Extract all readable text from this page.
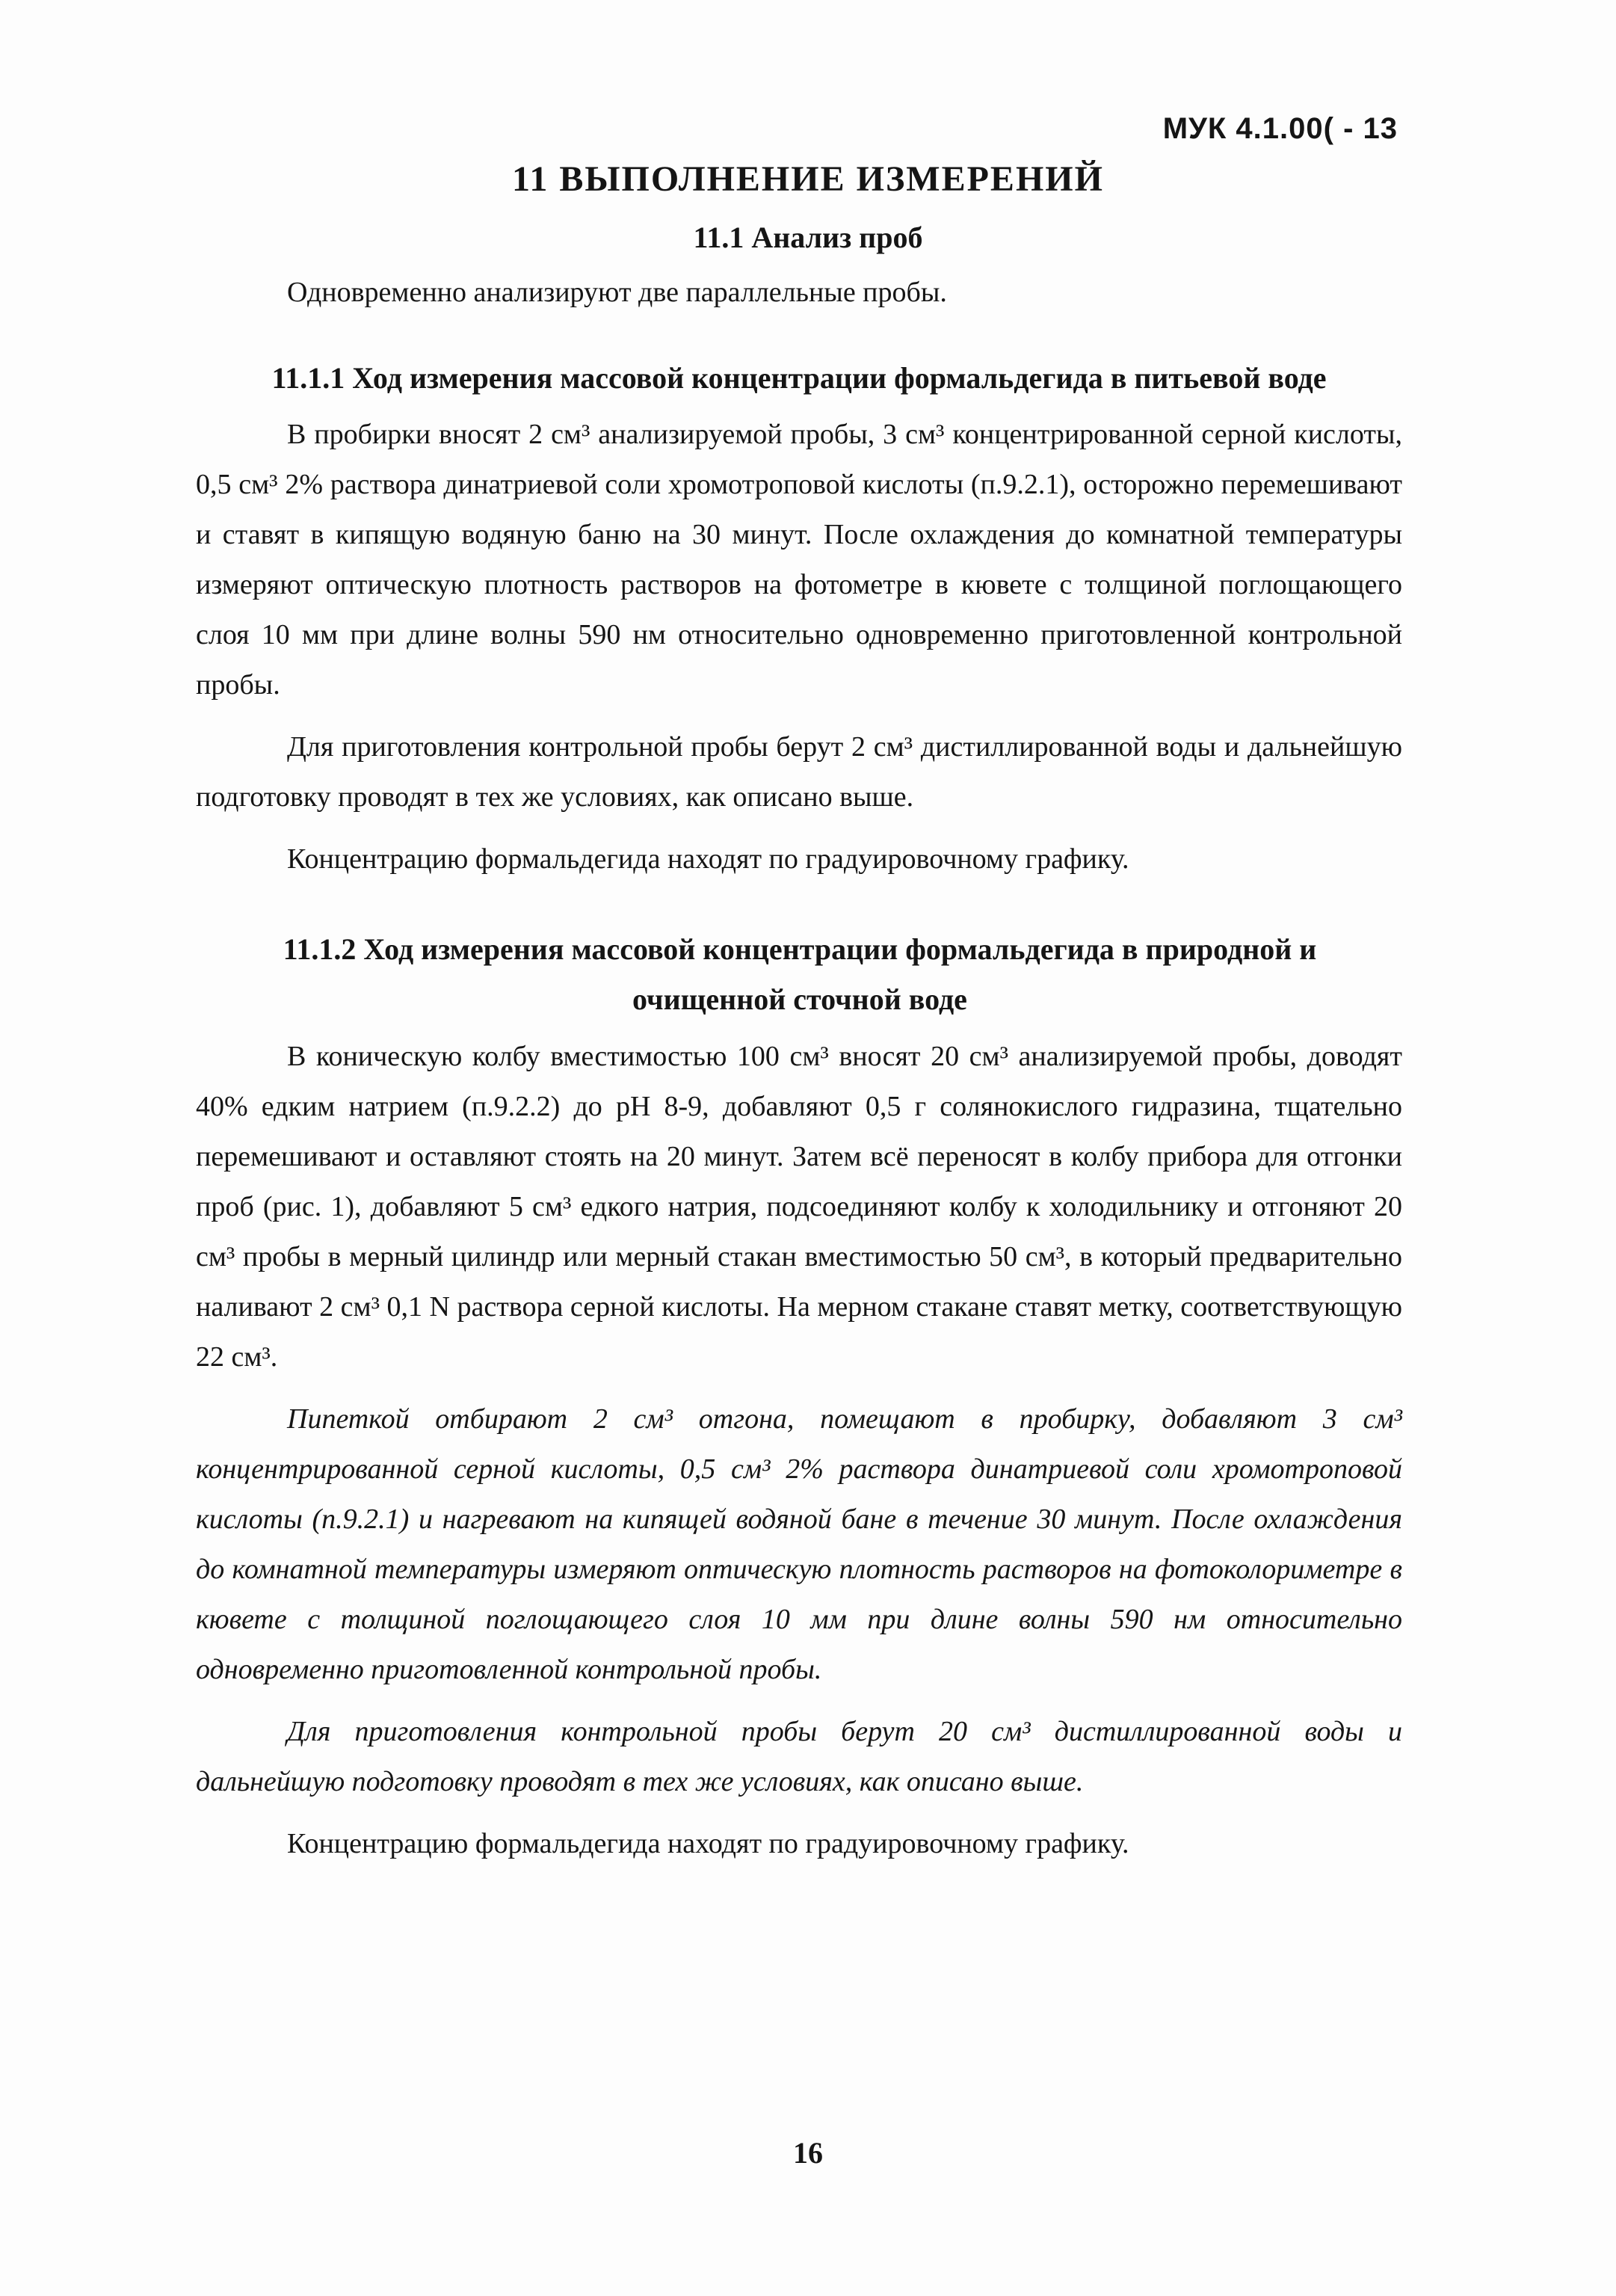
МУК 4.1.00( - 13
11 ВЫПОЛНЕНИЕ ИЗМЕРЕНИЙ
11.1 Анализ проб

Одновременно анализируют две параллельные пробы.

11.1.1 Ход измерения массовой концентрации формальдегида в питьевой воде

В пробирки вносят 2 см³ анализируемой пробы, 3 см³ концентрированной серной кислоты, 0,5 см³ 2% раствора динатриевой соли хромотроповой кислоты (п.9.2.1), осторожно перемешивают и ставят в кипящую водяную баню на 30 минут. После охлаждения до комнатной температуры измеряют оптическую плотность растворов на фотометре в кювете с толщиной поглощающего слоя 10 мм при длине волны 590 нм относительно одновременно приготовленной контрольной пробы.

Для приготовления контрольной пробы берут 2 см³ дистиллированной воды и дальнейшую подготовку проводят в тех же условиях, как описано выше.

Концентрацию формальдегида находят по градуировочному графику.

11.1.2 Ход измерения массовой концентрации формальдегида в природной и очищенной сточной воде

В коническую колбу вместимостью 100 см³ вносят 20 см³ анализируемой пробы, доводят 40% едким натрием (п.9.2.2) до pH 8-9, добавляют 0,5 г солянокислого гидразина, тщательно перемешивают и оставляют стоять на 20 минут. Затем всё переносят в колбу прибора для отгонки проб (рис. 1), добавляют 5 см³ едкого натрия, подсоединяют колбу к холодильнику и отгоняют 20 см³ пробы в мерный цилиндр или мерный стакан вместимостью 50 см³, в который предварительно наливают 2 см³ 0,1 N раствора серной кислоты. На мерном стакане ставят метку, соответствующую 22 см³.

Пипеткой отбирают 2 см³ отгона, помещают в пробирку, добавляют 3 см³ концентрированной серной кислоты, 0,5 см³ 2% раствора динатриевой соли хромотроповой кислоты (п.9.2.1) и нагревают на кипящей водяной бане в течение 30 минут. После охлаждения до комнатной температуры измеряют оптическую плотность растворов на фотоколориметре в кювете с толщиной поглощающего слоя 10 мм при длине волны 590 нм относительно одновременно приготовленной контрольной пробы.

Для приготовления контрольной пробы берут 20 см³ дистиллированной воды и дальнейшую подготовку проводят в тех же условиях, как описано выше.

Концентрацию формальдегида находят по градуировочному графику.

16
